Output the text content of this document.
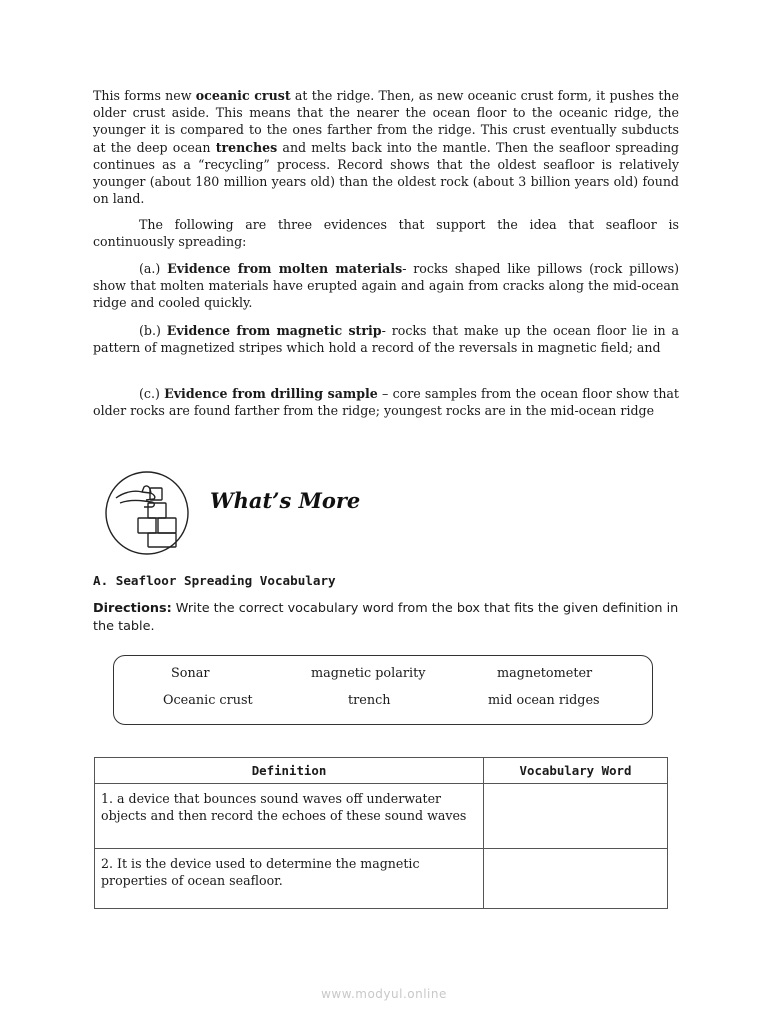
This forms new oceanic crust at the ridge. Then, as new oceanic crust form, it pushes the older crust aside. This means that the nearer the ocean floor to the oceanic ridge, the younger it is compared to the ones farther from the ridge. This crust eventually subducts at the deep ocean trenches and melts back into the mantle. Then the seafloor spreading continues as a “recycling” process. Record shows that the oldest seafloor is relatively younger (about 180 million years old) than the oldest rock (about 3 billion years old) found on land.

The following are three evidences that support the idea that seafloor is continuously spreading:

(a.) Evidence from molten materials- rocks shaped like pillows (rock pillows) show that molten materials have erupted again and again from cracks along the mid-ocean ridge and cooled quickly.

(b.) Evidence from magnetic strip- rocks that make up the ocean floor lie in a pattern of magnetized stripes which hold a record of the reversals in magnetic field; and

(c.) Evidence from drilling sample – core samples from the ocean floor show that older rocks are found farther from the ridge; youngest rocks are in the mid-ocean ridge

What’s More

A. Seafloor Spreading Vocabulary

Directions: Write the correct vocabulary word from the box that fits the given definition in the table.

Sonar	magnetic polarity	magnetometer
Oceanic crust	trench	mid ocean ridges
Definition	Vocabulary Word
1. a device that bounces sound waves off underwater objects and then record the echoes of these sound waves	
2. It is the device used to determine the magnetic properties of ocean seafloor.	
www.modyul.online
